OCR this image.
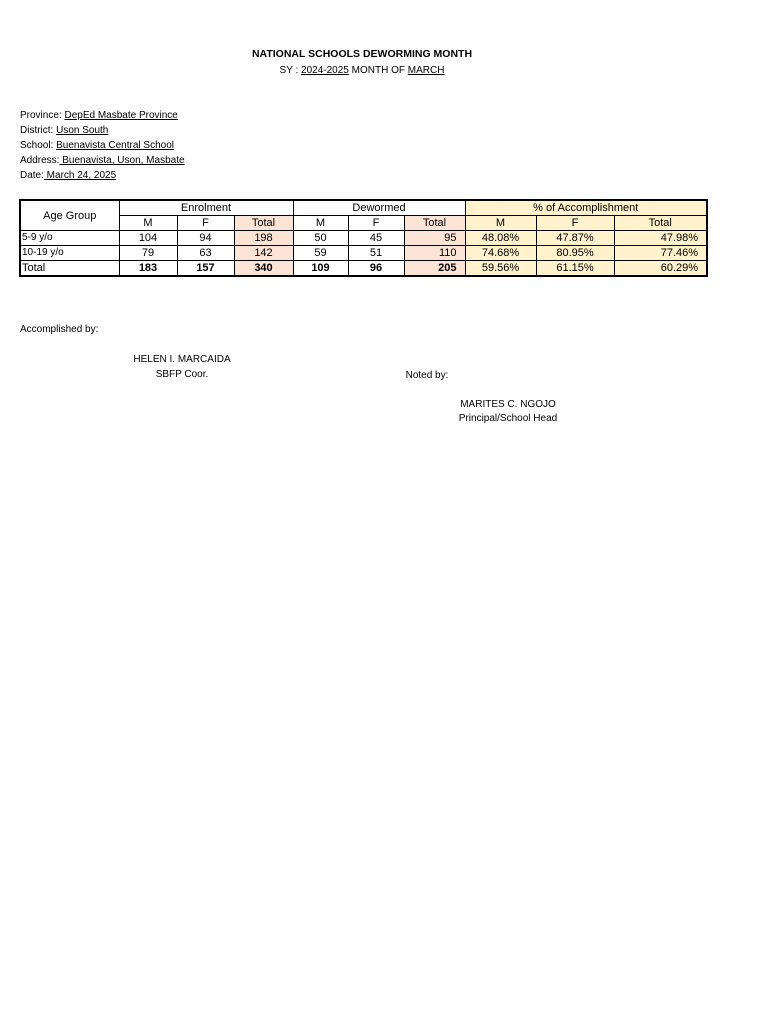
NATIONAL SCHOOLS DEWORMING MONTH
SY : 2024-2025 MONTH OF MARCH
Province: DepEd Masbate Province
District: Uson South
School: Buenavista Central School
Address: Buenavista, Uson, Masbate
Date: March 24, 2025
Age Group	Enrolment			Dewormed			% of Accomplishment		
	M	F	Total	M	F	Total	M	F	Total
5-9 y/o	104	94	198	50	45	95	48.08%	47.87%	47.98%
10-19 y/o	79	63	142	59	51	110	74.68%	80.95%	77.46%
Total	183	157	340	109	96	205	59.56%	61.15%	60.29%
Accomplished by:
HELEN I. MARCAIDA
SBFP Coor.	Noted by:
MARITES C. NGOJO
Principal/School Head
